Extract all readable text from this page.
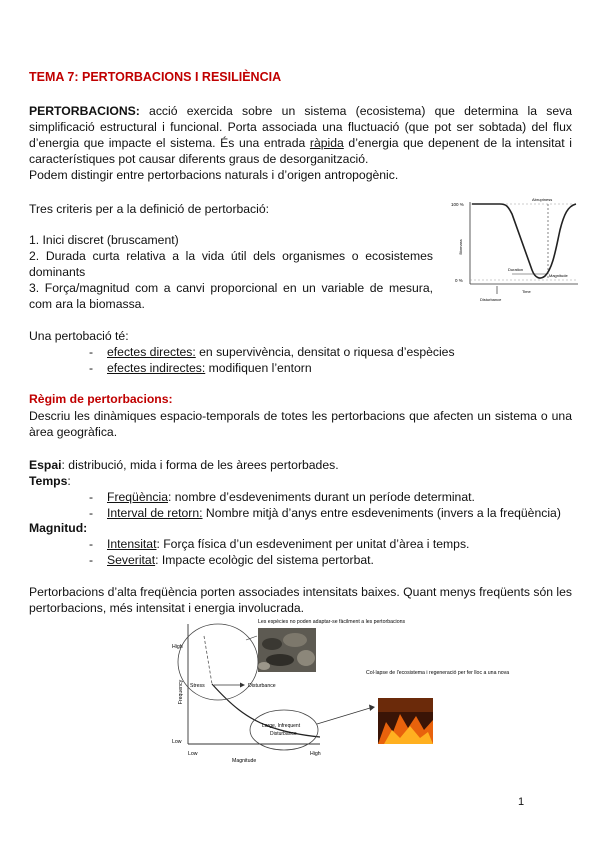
TEMA 7: PERTORBACIONS I RESILIÈNCIA
PERTORBACIONS: acció exercida sobre un sistema (ecosistema) que determina la seva
simplificació estructural i funcional. Porta associada una fluctuació (que pot ser sobtada) del flux
d’energia que impacte el sistema. És una entrada ràpida d’energia que depenent de la intensitat i
característiques pot causar diferents graus de desorganització.
Podem distingir entre pertorbacions naturals i d’origen antropogènic.
Tres criteris per a la definició de pertorbació:
1. Inici discret (bruscament)
2. Durada curta relativa a la vida útil dels organismes o ecosistemes
dominants
3. Força/magnitud com a canvi proporcional en un variable de mesura,
com ara la biomassa.
100 %
0 %
Biomass
Abruptness
Duration
Magnitude
Time
Disturbance
Una pertobació té:
- efectes directes: en supervivència, densitat o riquesa d’espècies
- efectes indirectes: modifiquen l’entorn
Règim de pertorbacions:
Descriu les dinàmiques espacio-temporals de totes les pertorbacions que afecten un sistema o una
àrea geogràfica.
Espai: distribució, mida i forma de les àrees pertorbades.
Temps:
- Freqüència: nombre d’esdeveniments durant un període determinat.
- Interval de retorn: Nombre mitjà d’anys entre esdeveniments (invers a la freqüència)
Magnitud:
- Intensitat: Força física d’un esdeveniment per unitat d’àrea i temps.
- Severitat: Impacte ecològic del sistema pertorbat.
Pertorbacions d’alta freqüència porten associades intensitats baixes. Quant menys freqüents són les
pertorbacions, més intensitat i energia involucrada.
Les espècies no poden adaptar-se fàcilment a les pertorbacions
Col·lapse de l'ecosistema i regeneració per fer lloc a una nova
High
Low
Frequency
Low	High
Magnitude
Stress	Disturbance
Large, Infrequent
Disturbance
1
